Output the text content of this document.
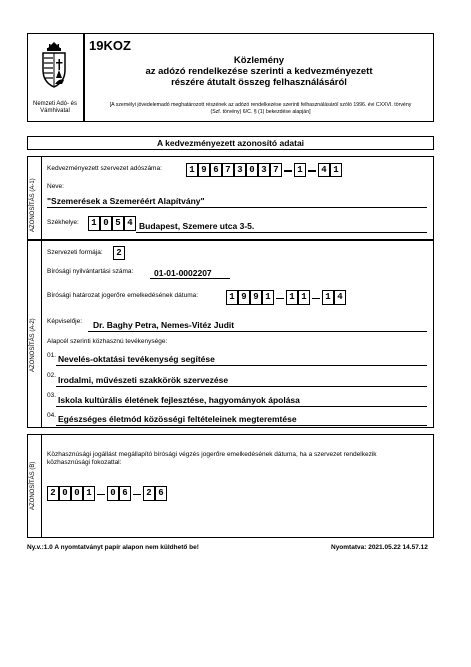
Nemzeti Adó- és Vámhivatal
19KOZ
Közlemény
az adózó rendelkezése szerinti a kedvezményezett
részére átutalt összeg felhasználásáról
[A személyi jövedelemadó meghatározott részének az adózó rendelkezése szerinti felhasználásáról szóló 1996. évi CXXVI. törvény (Szf. törvény) 6/C. § (1) bekezdése alapján]
A kedvezményezett azonosító adatai
AZONOSÍTÁS (A-1)
Kedvezményezett szervezet adószáma:	1 9 6 7 3 0 3 7	1	4 1
Neve:
"Szemerések a Szemeréért Alapítvány"
Székhelye:	1 0 5 4 Budapest, Szemere utca 3-5.
AZONOSÍTÁS (A-2)
Szervezeti formája:	2
Bírósági nyilvántartási száma: 01-01-0002207
Bírósági határozat jogerőre emelkedésének dátuma:	1 9 9 1	1 1	1 4
Képviselője: Dr. Baghy Petra, Nemes-Vitéz Judit
Alapcél szerinti közhasznú tevékenysége:
01. Nevelés-oktatási tevékenység segítése
02. Irodalmi, művészeti szakkörök szervezése
03. Iskola kultúrális életének fejlesztése, hagyományok ápolása
04. Egészséges életmód közösségi feltételeinek megteremtése
AZONOSÍTÁS (B)
Közhasznúsági jogállást megállapító bírósági végzés jogerőre emelkedésének dátuma, ha a szervezet rendelkezik közhasznúsági fokozattal:
2 0 0 1	0 6	2 6
Ny.v.:1.0 A nyomtatványt papír alapon nem küldhető be!	Nyomtatva: 2021.05.22 14.57.12
